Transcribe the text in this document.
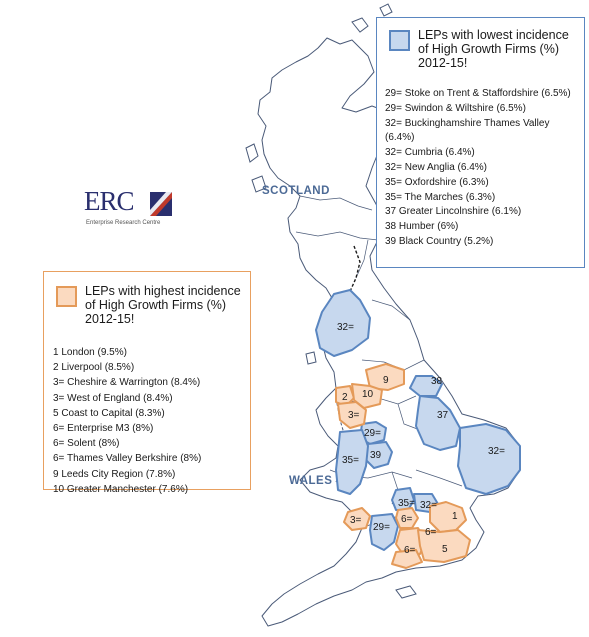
SCOTLAND
WALES
32=
9
2 10
3=
38
37
29=
39
35=
32=
35= 32=
29=
3=	6=
6=
6=
1
5
ERC
Enterprise Research Centre
LEPs with highest incidence of High Growth Firms (%) 2012-15!
1 London (9.5%)
2 Liverpool (8.5%)
3= Cheshire & Warrington (8.4%)
3= West of England (8.4%)
5 Coast to Capital (8.3%)
6= Enterprise M3 (8%)
6= Solent (8%)
6= Thames Valley Berkshire (8%)
9 Leeds City Region (7.8%)
10 Greater Manchester (7.6%)
LEPs with lowest incidence of High Growth Firms (%) 2012-15!
29= Stoke on Trent & Staffordshire (6.5%)
29= Swindon & Wiltshire (6.5%)
32= Buckinghamshire Thames Valley (6.4%)
32= Cumbria (6.4%)
32= New Anglia (6.4%)
35= Oxfordshire (6.3%)
35= The Marches (6.3%)
37 Greater Lincolnshire (6.1%)
38 Humber (6%)
39 Black Country (5.2%)
